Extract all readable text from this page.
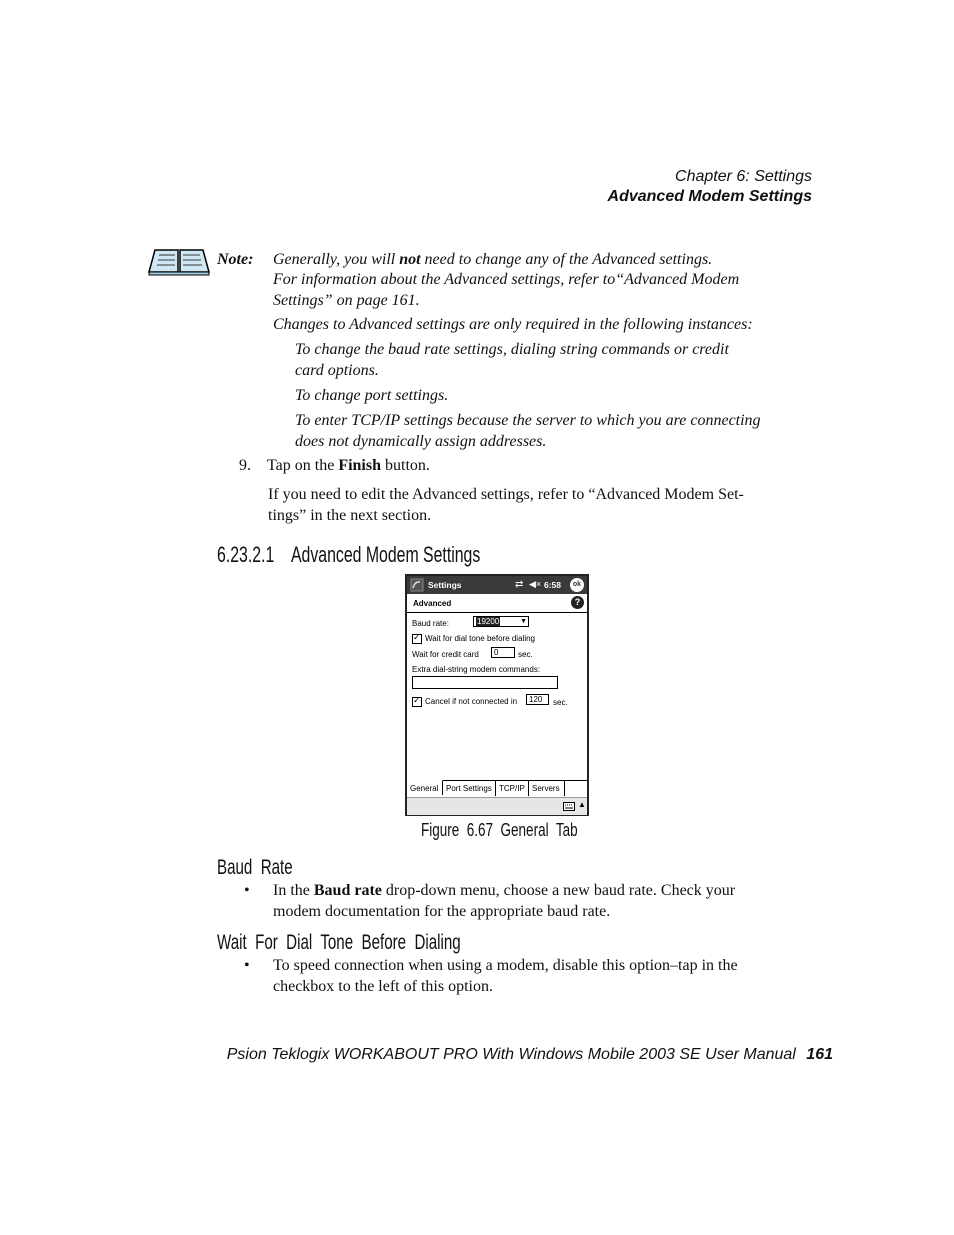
Chapter 6: Settings
Advanced Modem Settings
Note: Generally, you will not need to change any of the Advanced settings.
For information about the Advanced settings, refer to“Advanced Modem
Settings” on page 161.
Changes to Advanced settings are only required in the following instances:
To change the baud rate settings, dialing string commands or credit
card options.
To change port settings.
To enter TCP/IP settings because the server to which you are connecting
does not dynamically assign addresses.
9. Tap on the Finish button.
If you need to edit the Advanced settings, refer to “Advanced Modem Set-
tings” in the next section.
6.23.2.1    Advanced Modem Settings
Settings	⇄ ◀× 6:58	ok
Advanced	?
Baud rate:	19200	▼
✓Wait for dial tone before dialing
Wait for credit card	0	sec.
Extra dial-string modem commands:
✓Cancel if not connected in	120	sec.
General Port Settings TCP/IP Servers
▲
Figure  6.67  General  Tab
Baud  Rate
• In the Baud rate drop-down menu, choose a new baud rate. Check your
modem documentation for the appropriate baud rate.
Wait  For  Dial  Tone  Before  Dialing
• To speed connection when using a modem, disable this option–tap in the
checkbox to the left of this option.
Psion Teklogix WORKABOUT PRO With Windows Mobile 2003 SE User Manual 161
